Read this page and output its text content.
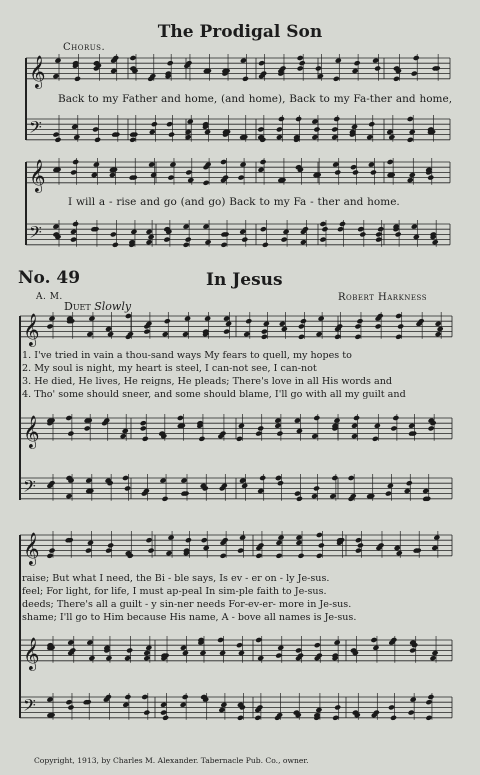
The Prodigal Son
Chorus.
𝄞
𝄢
𝄞
𝄢
𝄞
𝄞
𝄢
𝄞
𝄞
𝄢
Back to my Father and home, (and home), Back to my Fa-ther and home,
I will a - rise and go (and go) Back to my Fa - ther and home.
No. 49	In Jesus
A. M.	Robert Harkness
Duet Slowly
1. I've tried in vain a thou-sand ways My fears to quell, my hopes to
2. My soul is night, my heart is steel, I can-not see, I can-not
3. He died, He lives, He reigns, He pleads; There's love in all His words and
4. Tho' some should sneer, and some should blame, I'll go with all my guilt and
raise; But what I need, the Bi - ble says, Is ev - er on - ly Je-sus.
feel; For light, for life, I must ap-peal In sim-ple faith to Je-sus.
deeds; There's all a guilt - y sin-ner needs For-ev-er- more in Je-sus.
shame; I'll go to Him because His name, A - bove all names is Je-sus.
Copyright, 1913, by Charles M. Alexander. Tabernacle Pub. Co., owner.
